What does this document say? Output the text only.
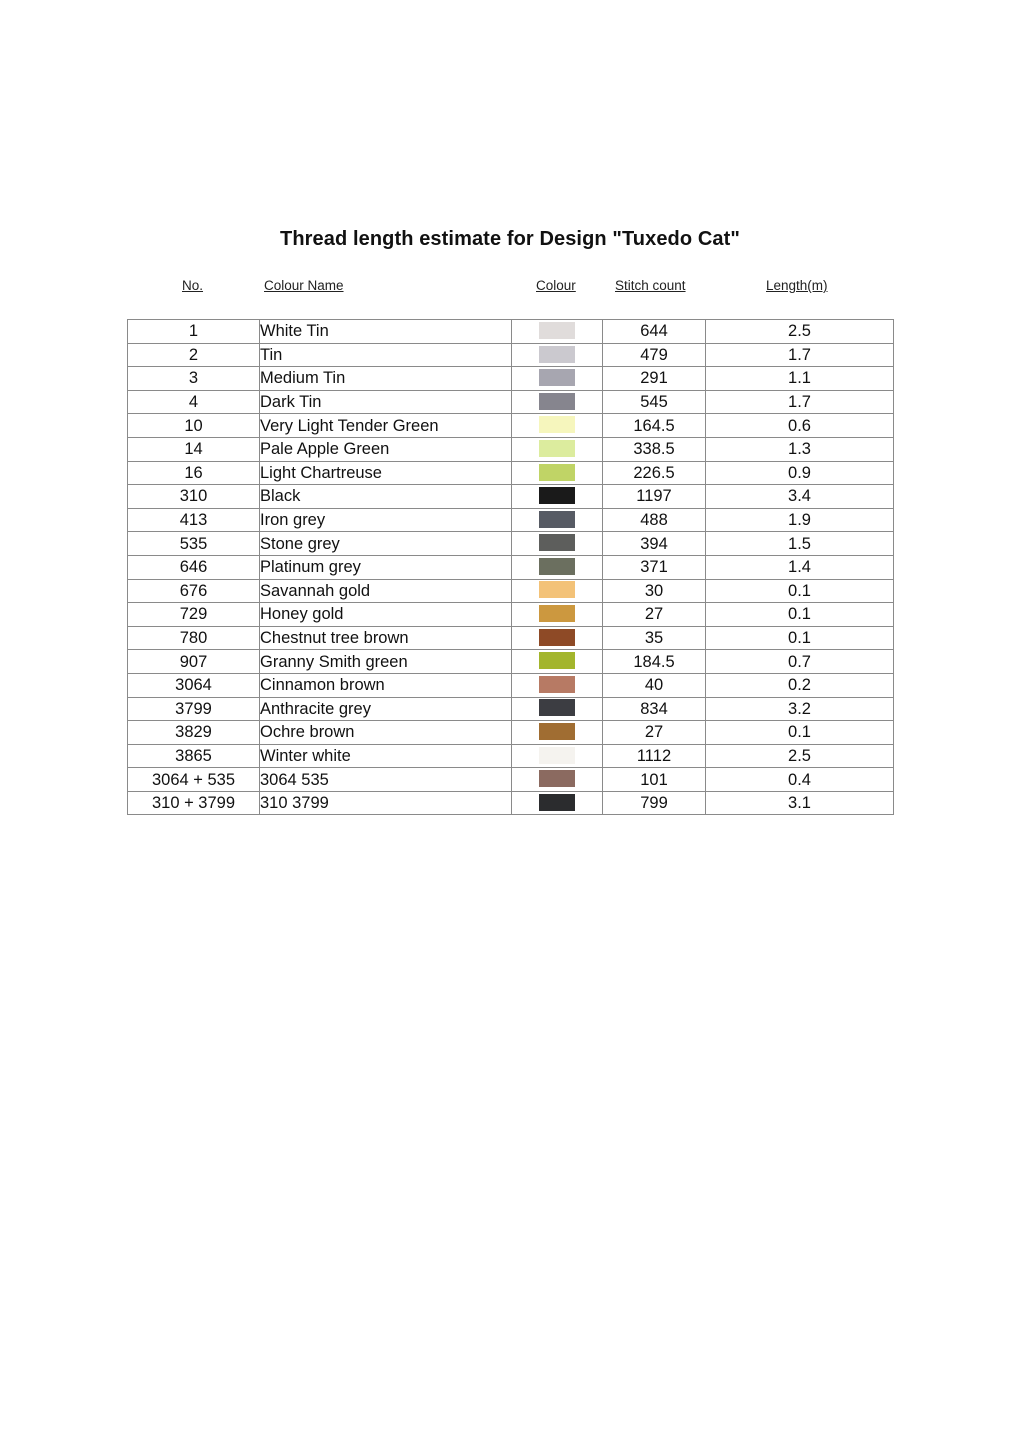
Thread length estimate for Design "Tuxedo Cat"
No.	Colour Name	Colour	Stitch count	Length(m)
1	White Tin		644	2.5
2	Tin		479	1.7
3	Medium Tin		291	1.1
4	Dark Tin		545	1.7
10	Very Light Tender Green		164.5	0.6
14	Pale Apple Green		338.5	1.3
16	Light Chartreuse		226.5	0.9
310	Black		1197	3.4
413	Iron grey		488	1.9
535	Stone grey		394	1.5
646	Platinum grey		371	1.4
676	Savannah gold		30	0.1
729	Honey gold		27	0.1
780	Chestnut tree brown		35	0.1
907	Granny Smith green		184.5	0.7
3064	Cinnamon brown		40	0.2
3799	Anthracite grey		834	3.2
3829	Ochre brown		27	0.1
3865	Winter white		1112	2.5
3064 + 535	3064 535		101	0.4
310 + 3799	310 3799		799	3.1
